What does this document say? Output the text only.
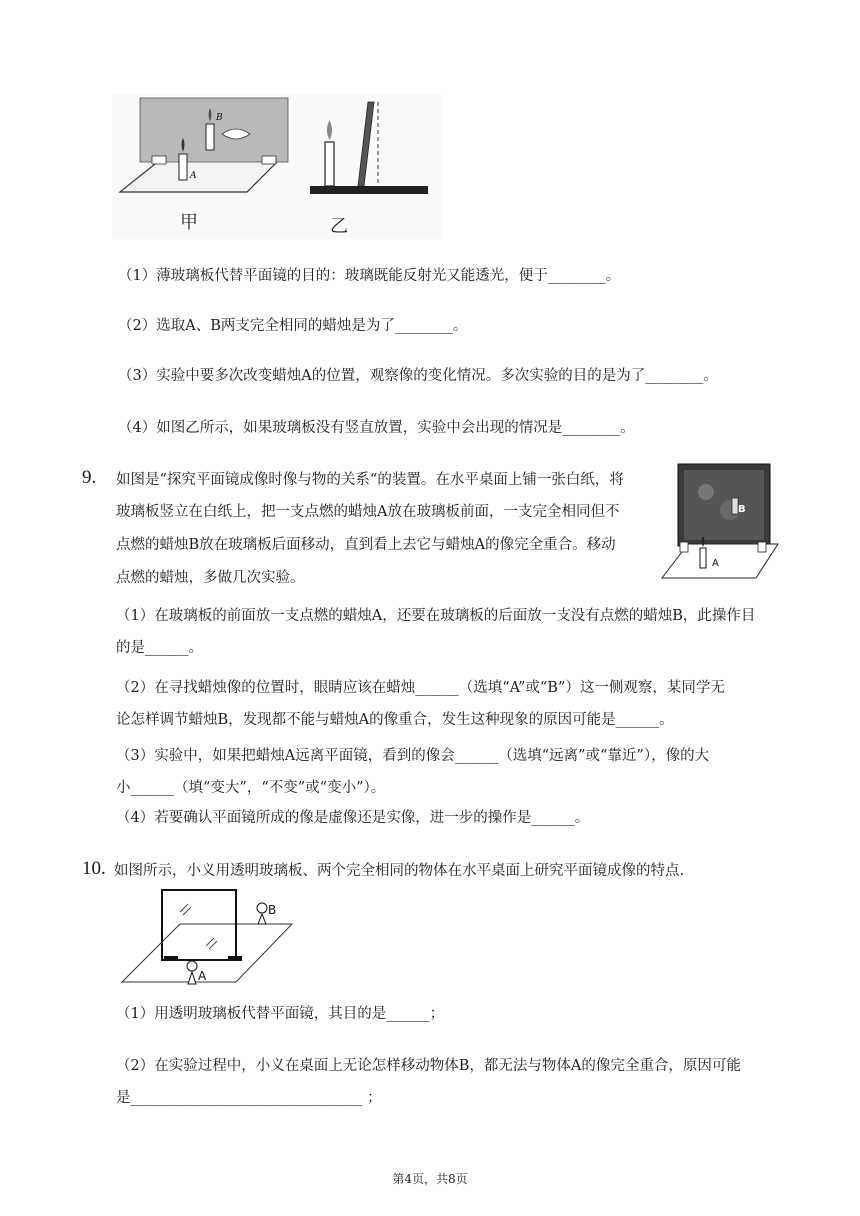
甲	乙
B
A
（1）薄玻璃板代替平面镜的目的：玻璃既能反射光又能透光，便于________。
（2）选取A、B两支完全相同的蜡烛是为了________。
（3）实验中要多次改变蜡烛A的位置，观察像的变化情况。多次实验的目的是为了________。
（4）如图乙所示，如果玻璃板没有竖直放置，实验中会出现的情况是________。
9. 如图是“探究平面镜成像时像与物的关系“的装置。在水平桌面上铺一张白纸，将
玻璃板竖立在白纸上，把一支点燃的蜡烛A放在玻璃板前面，一支完全相同但不
点燃的蜡烛B放在玻璃板后面移动，直到看上去它与蜡烛A的像完全重合。移动
点燃的蜡烛，多做几次实验。
B
A
（1）在玻璃板的前面放一支点燃的蜡烛A，还要在玻璃板的后面放一支没有点燃的蜡烛B，此操作目
的是______。
（2）在寻找蜡烛像的位置时，眼睛应该在蜡烛______（选填“A”或“B”）这一侧观察，某同学无
论怎样调节蜡烛B，发现都不能与蜡烛A的像重合，发生这种现象的原因可能是______。
（3）实验中，如果把蜡烛A远离平面镜，看到的像会______（选填“远离”或“靠近”），像的大
小______（填“变大”，“不变”或“变小”）。
（4）若要确认平面镜所成的像是虚像还是实像，进一步的操作是______。
10. 如图所示，小义用透明玻璃板、两个完全相同的物体在水平桌面上研究平面镜成像的特点.
B
A
（1）用透明玻璃板代替平面镜，其目的是______；
（2）在实验过程中，小义在桌面上无论怎样移动物体B，都无法与物体A的像完全重合，原因可能
是________________________________ ；
第4页，共8页
